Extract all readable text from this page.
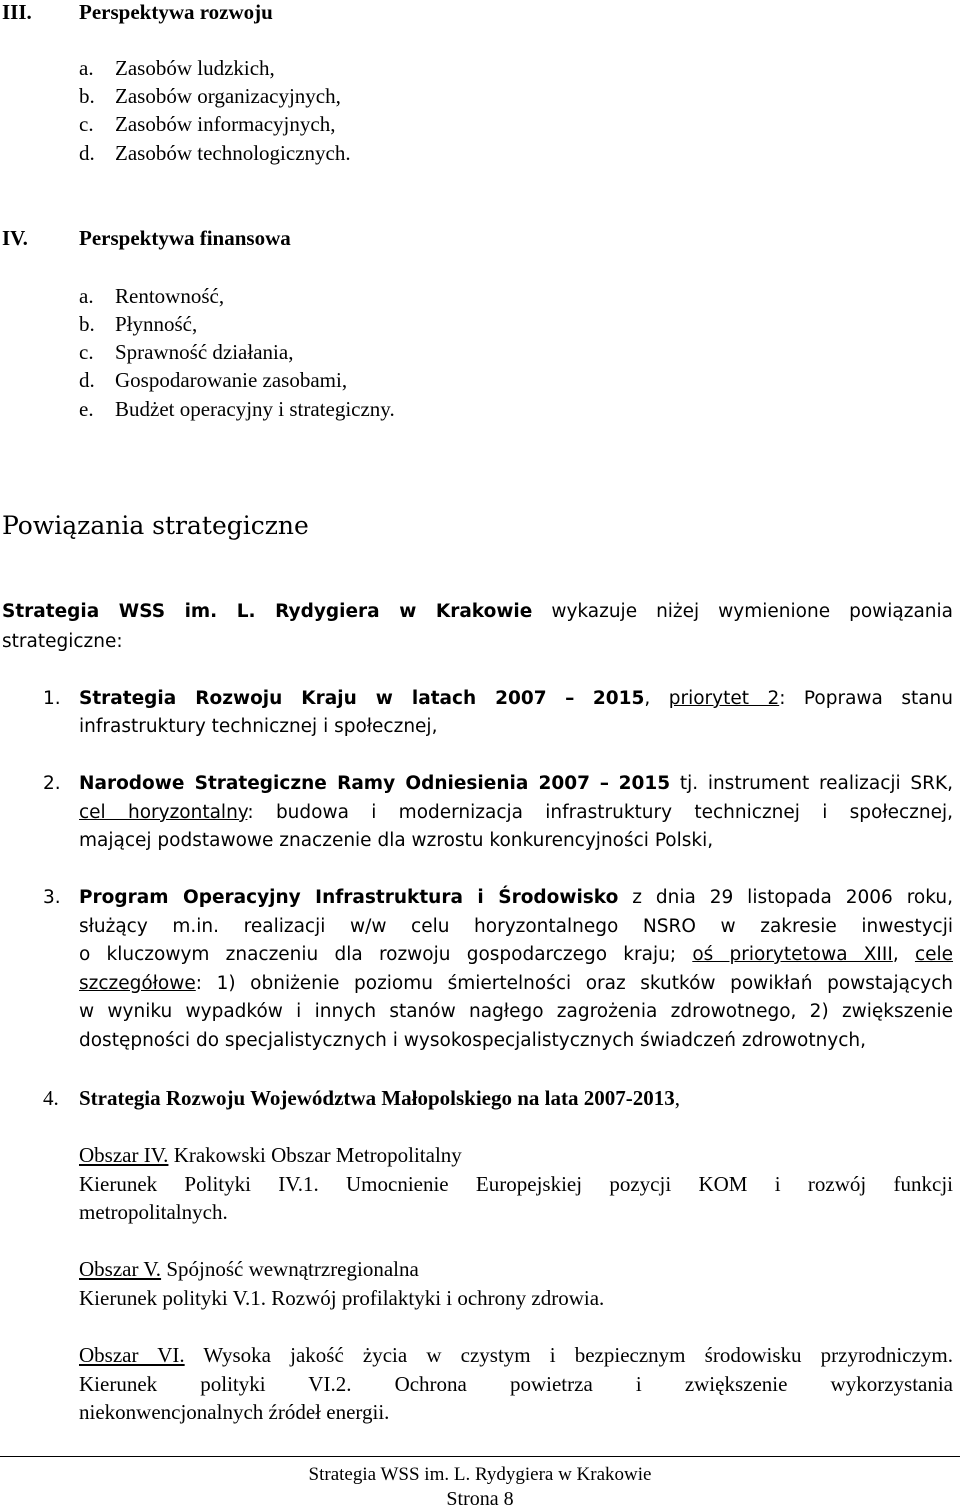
III. Perspektywa rozwoju
a. Zasobów ludzkich,
b. Zasobów organizacyjnych,
c. Zasobów informacyjnych,
d. Zasobów technologicznych.
IV. Perspektywa finansowa
a. Rentowność,
b. Płynność,
c. Sprawność działania,
d. Gospodarowanie zasobami,
e. Budżet operacyjny i strategiczny.
Powiązania strategiczne
Strategia WSS im. L. Rydygiera w Krakowie wykazuje niżej wymienione powiązania
strategiczne:
1. Strategia Rozwoju Kraju w latach 2007 – 2015, priorytet 2: Poprawa stanu
infrastruktury technicznej i społecznej,
2. Narodowe Strategiczne Ramy Odniesienia 2007 – 2015 tj. instrument realizacji SRK,
cel horyzontalny: budowa i modernizacja infrastruktury technicznej i społecznej,
mającej podstawowe znaczenie dla wzrostu konkurencyjności Polski,
3. Program Operacyjny Infrastruktura i Środowisko z dnia 29 listopada 2006 roku,
służący m.in. realizacji w/w celu horyzontalnego NSRO w zakresie inwestycji
o kluczowym znaczeniu dla rozwoju gospodarczego kraju; oś priorytetowa XIII, cele
szczegółowe: 1) obniżenie poziomu śmiertelności oraz skutków powikłań powstających
w wyniku wypadków i innych stanów nagłego zagrożenia zdrowotnego, 2) zwiększenie
dostępności do specjalistycznych i wysokospecjalistycznych świadczeń zdrowotnych,
4. Strategia Rozwoju Województwa Małopolskiego na lata 2007-2013,
Obszar IV. Krakowski Obszar Metropolitalny
Kierunek Polityki IV.1. Umocnienie Europejskiej pozycji KOM i rozwój funkcji
metropolitalnych.
Obszar V. Spójność wewnątrzregionalna
Kierunek polityki V.1. Rozwój profilaktyki i ochrony zdrowia.
Obszar VI. Wysoka jakość życia w czystym i bezpiecznym środowisku przyrodniczym.
Kierunek polityki VI.2. Ochrona powietrza i zwiększenie wykorzystania
niekonwencjonalnych źródeł energii.
Strategia WSS im. L. Rydygiera w Krakowie
Strona 8
